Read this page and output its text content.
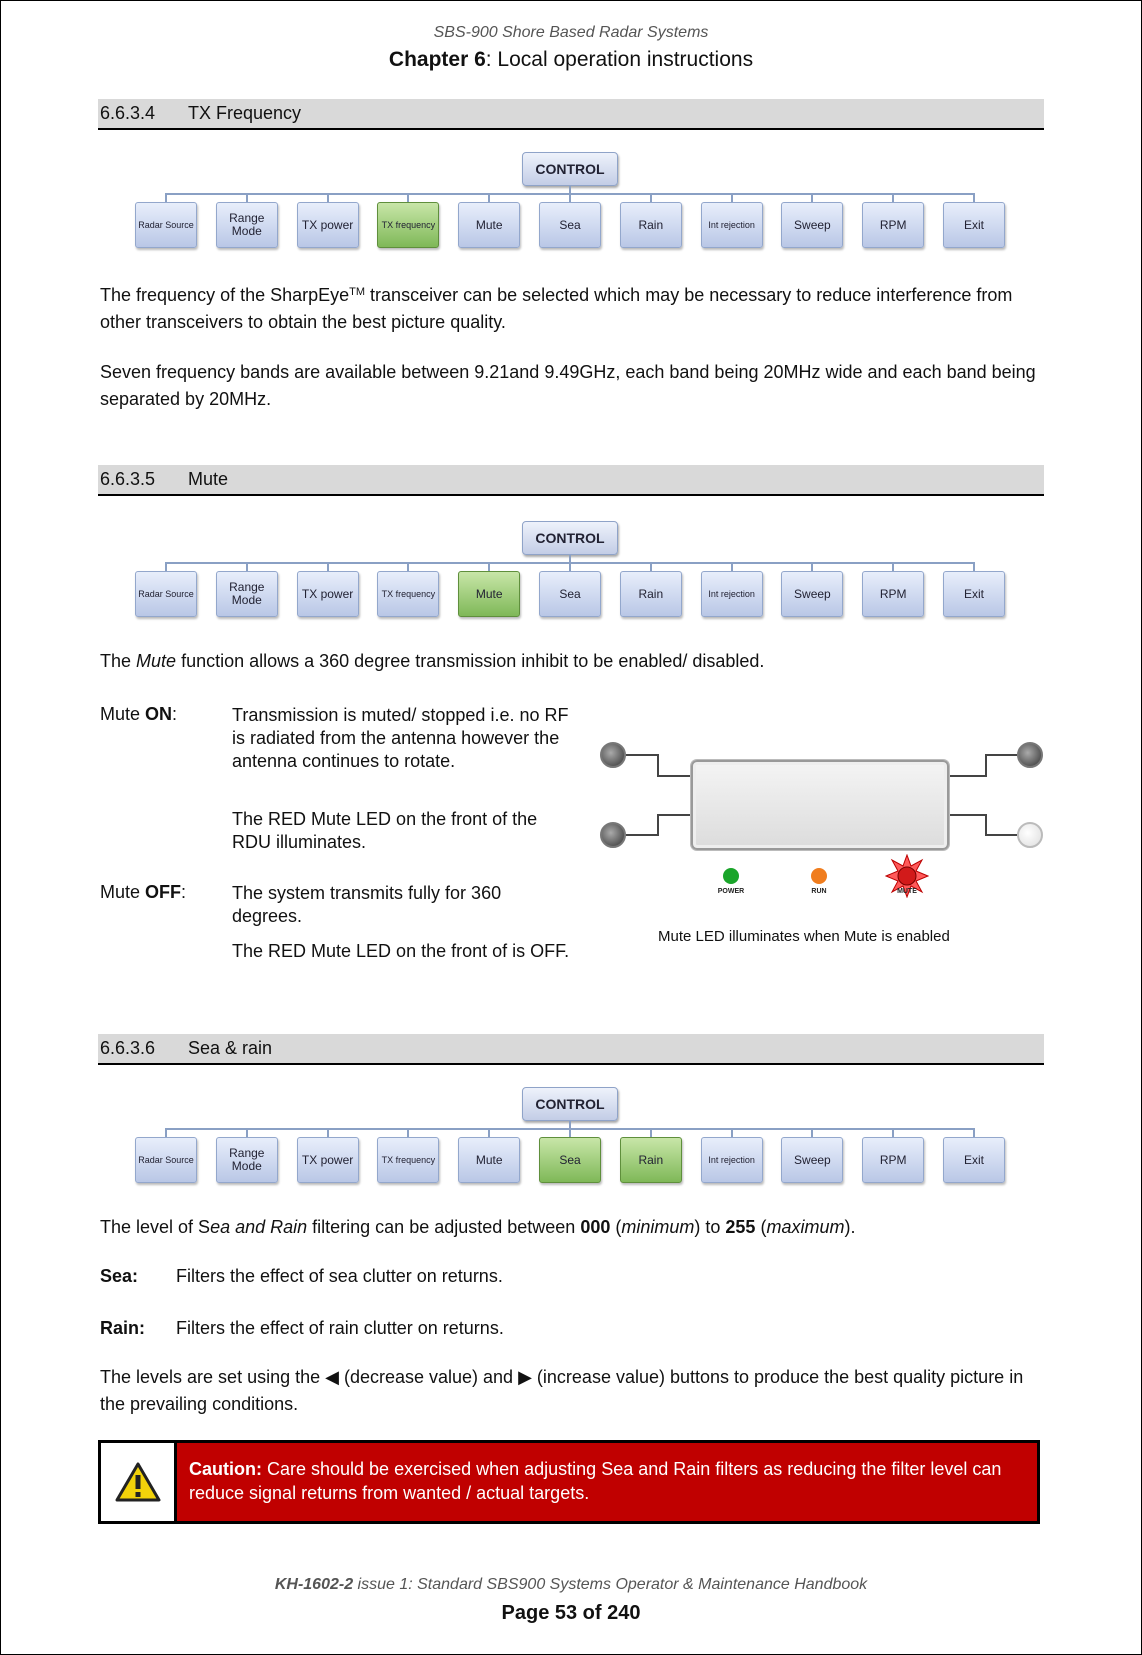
SBS-900 Shore Based Radar Systems
Chapter 6: Local operation instructions
6.6.3.4 TX Frequency
CONTROL
Radar Source	Range Mode	TX power	TX frequency	Mute	Sea	Rain	Int rejection	Sweep	RPM	Exit
The frequency of the SharpEye™ transceiver can be selected which may be necessary to reduce interference from other transceivers to obtain the best picture quality.
Seven frequency bands are available between 9.21and 9.49GHz, each band being 20MHz wide and each band being separated by 20MHz.
6.6.3.5 Mute
CONTROL
Radar Source	Range Mode	TX power	TX frequency	Mute	Sea	Rain	Int rejection	Sweep	RPM	Exit
The Mute function allows a 360 degree transmission inhibit to be enabled/ disabled.
Mute ON:	Transmission is muted/ stopped i.e. no RF is radiated from the antenna however the antenna continues to rotate.
The RED Mute LED on the front of the RDU illuminates.
Mute OFF:	The system transmits fully for 360 degrees.
The RED Mute LED on the front of is OFF.
POWER	RUN	MUTE
Mute LED illuminates when Mute is enabled
6.6.3.6 Sea & rain
CONTROL
Radar Source	Range Mode	TX power	TX frequency	Mute	Sea	Rain	Int rejection	Sweep	RPM	Exit
The level of Sea and Rain filtering can be adjusted between 000 (minimum) to 255 (maximum).
Sea: Filters the effect of sea clutter on returns.
Rain: Filters the effect of rain clutter on returns.
The levels are set using the ◀ (decrease value) and ▶ (increase value) buttons to produce the best quality picture in the prevailing conditions.
Caution: Care should be exercised when adjusting Sea and Rain filters as reducing the filter level can reduce signal returns from wanted / actual targets.
KH-1602-2 issue 1: Standard SBS900 Systems Operator & Maintenance Handbook
Page 53 of 240
